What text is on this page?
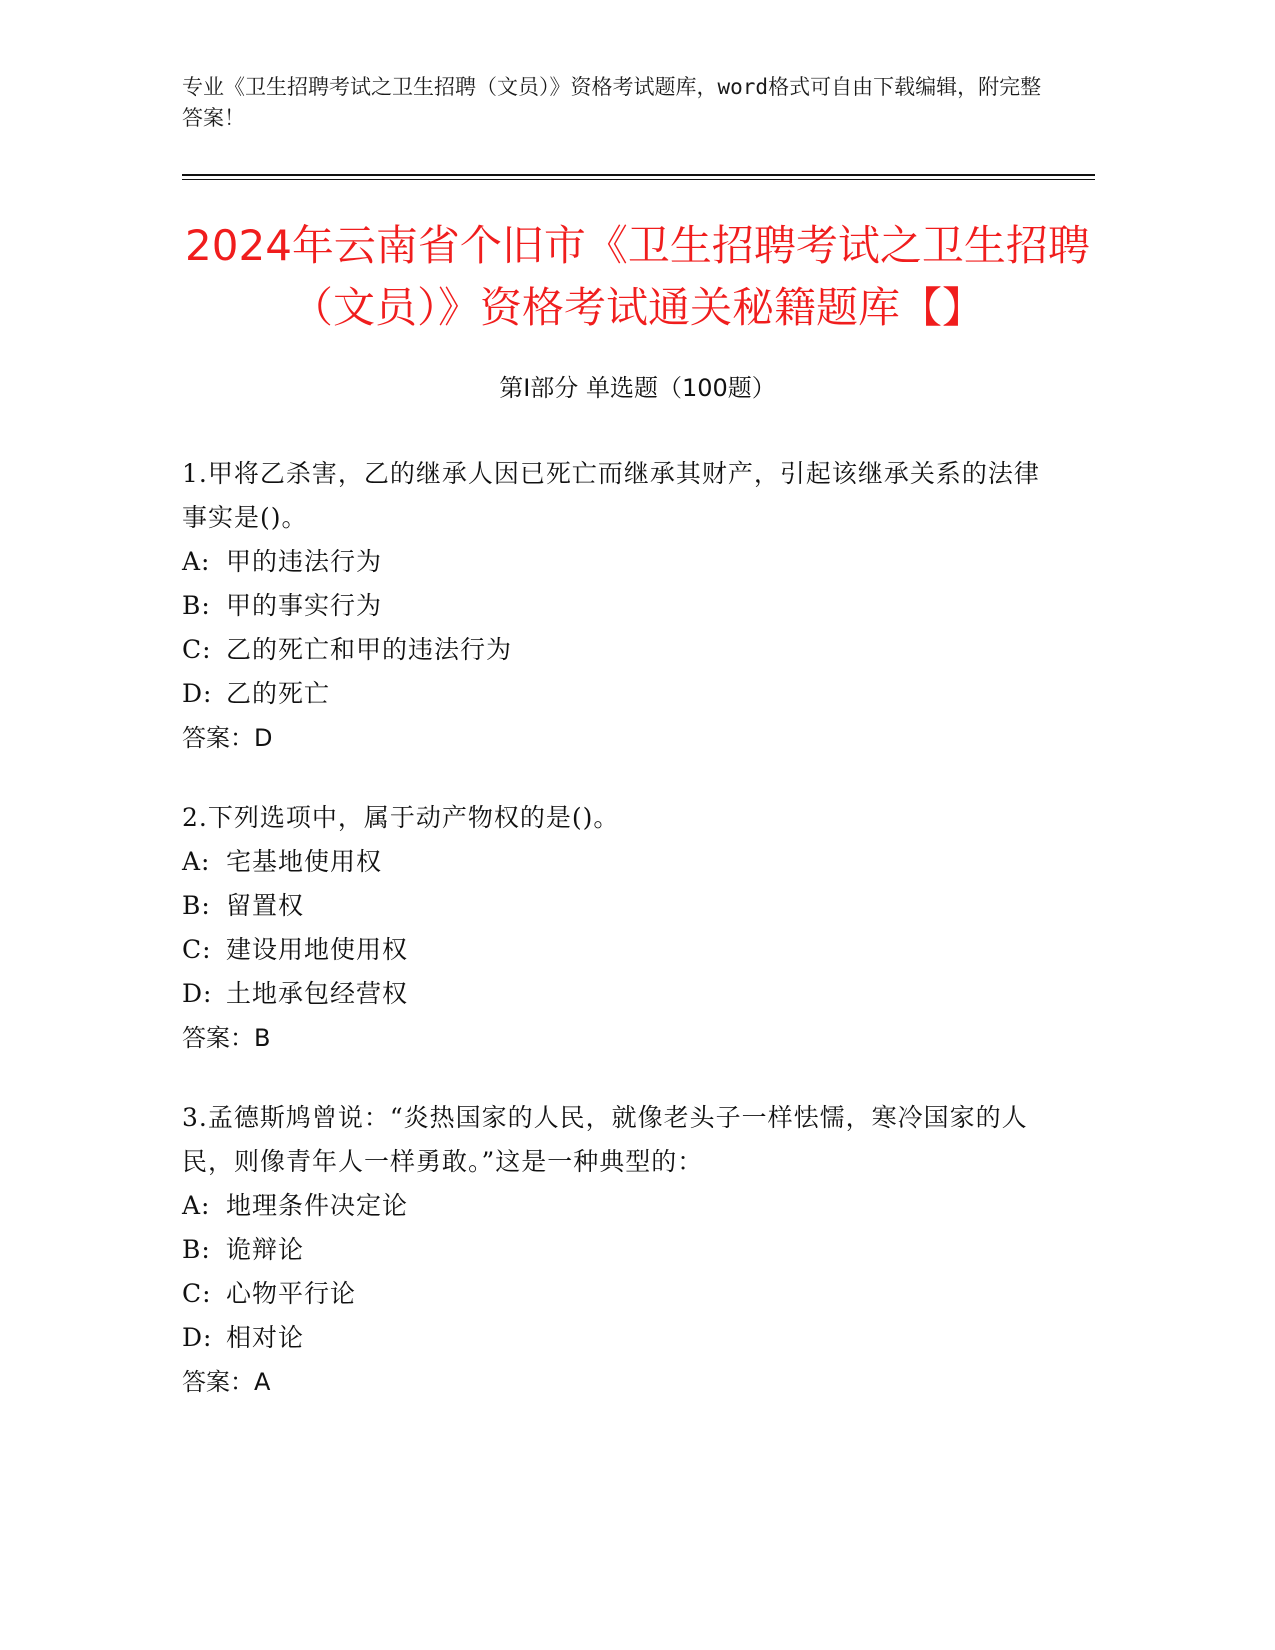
专业《卫生招聘考试之卫生招聘（文员）》资格考试题库，word格式可自由下载编辑，附完整答案！
2024年云南省个旧市《卫生招聘考试之卫生招聘（文员）》资格考试通关秘籍题库【】
第Ⅰ部分 单选题（100题）
1.甲将乙杀害，乙的继承人因已死亡而继承其财产，引起该继承关系的法律事实是()。
A: 甲的违法行为
B: 甲的事实行为
C: 乙的死亡和甲的违法行为
D: 乙的死亡
答案：D
2.下列选项中，属于动产物权的是()。
A: 宅基地使用权
B: 留置权
C: 建设用地使用权
D: 土地承包经营权
答案：B
3.孟德斯鸠曾说：“炎热国家的人民，就像老头子一样怯懦，寒冷国家的人民，则像青年人一样勇敢。”这是一种典型的：
A: 地理条件决定论
B: 诡辩论
C: 心物平行论
D: 相对论
答案：A
